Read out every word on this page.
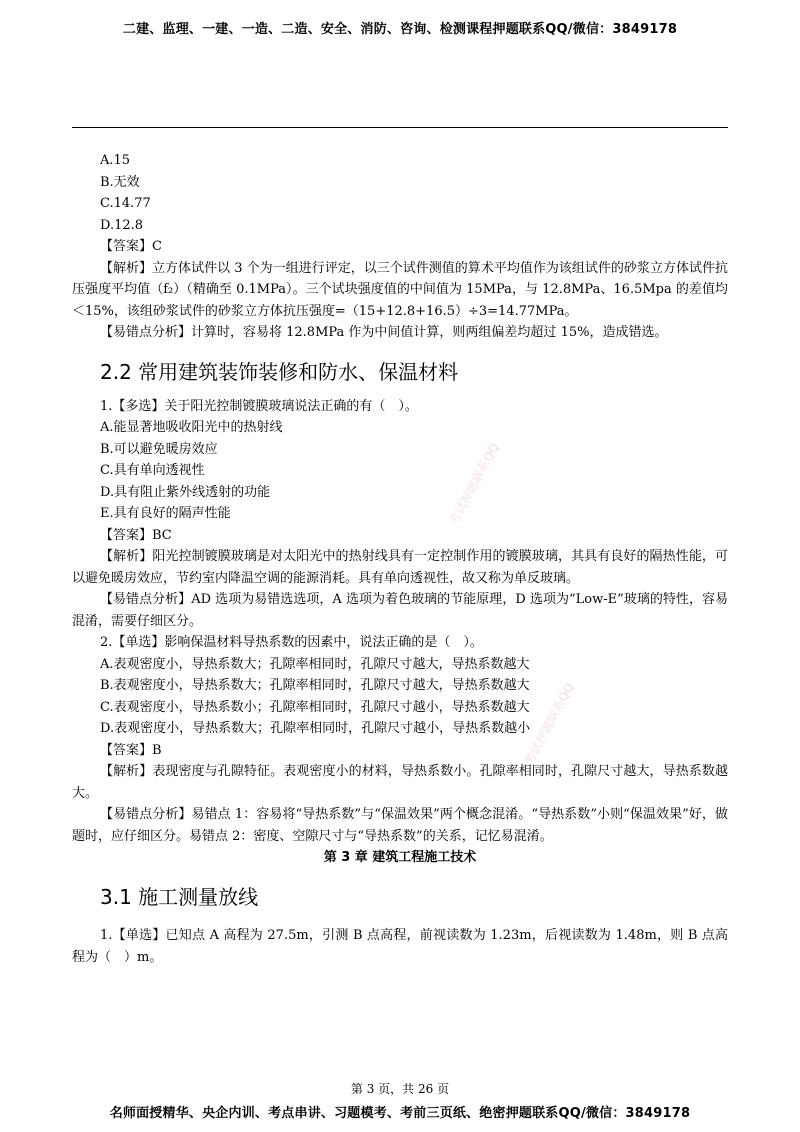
二建、监理、一建、一造、二造、安全、消防、咨询、检测课程押题联系QQ/微信：3849178
考试押题联系QQ
考试押题联系QQ
A.15
B.无效
C.14.77
D.12.8
【答案】C
【解析】立方体试件以 3 个为一组进行评定，以三个试件测值的算术平均值作为该组试件的砂浆立方体试件抗压强度平均值（f₂）（精确至 0.1MPa）。三个试块强度值的中间值为 15MPa，与 12.8MPa、16.5Mpa 的差值均＜15%，该组砂浆试件的砂浆立方体抗压强度=（15+12.8+16.5）÷3=14.77MPa。
【易错点分析】计算时，容易将 12.8MPa 作为中间值计算，则两组偏差均超过 15%，造成错选。
2.2 常用建筑装饰装修和防水、保温材料
1.【多选】关于阳光控制镀膜玻璃说法正确的有（　）。
A.能显著地吸收阳光中的热射线
B.可以避免暖房效应
C.具有单向透视性
D.具有阻止紫外线透射的功能
E.具有良好的隔声性能
【答案】BC
【解析】阳光控制镀膜玻璃是对太阳光中的热射线具有一定控制作用的镀膜玻璃，其具有良好的隔热性能，可以避免暖房效应，节约室内降温空调的能源消耗。具有单向透视性，故又称为单反玻璃。
【易错点分析】AD 选项为易错选选项，A 选项为着色玻璃的节能原理，D 选项为“Low-E”玻璃的特性，容易混淆，需要仔细区分。
2.【单选】影响保温材料导热系数的因素中，说法正确的是（　）。
A.表观密度小，导热系数大；孔隙率相同时，孔隙尺寸越大，导热系数越大
B.表观密度小，导热系数大；孔隙率相同时，孔隙尺寸越大，导热系数越大
C.表观密度小，导热系数小；孔隙率相同时，孔隙尺寸越小，导热系数越大
D.表观密度小，导热系数大；孔隙率相同时，孔隙尺寸越小，导热系数越小
【答案】B
【解析】表现密度与孔隙特征。表观密度小的材料，导热系数小。孔隙率相同时，孔隙尺寸越大，导热系数越大。
【易错点分析】易错点 1：容易将“导热系数”与“保温效果”两个概念混淆。“导热系数”小则“保温效果”好，做题时，应仔细区分。易错点 2：密度、空隙尺寸与“导热系数”的关系，记忆易混淆。
第 3 章 建筑工程施工技术
3.1 施工测量放线
1.【单选】已知点 A 高程为 27.5m，引测 B 点高程，前视读数为 1.23m，后视读数为 1.48m，则 B 点高程为（　）m。
第 3 页，共 26 页
名师面授精华、央企内训、考点串讲、习题模考、考前三页纸、绝密押题联系QQ/微信：3849178
